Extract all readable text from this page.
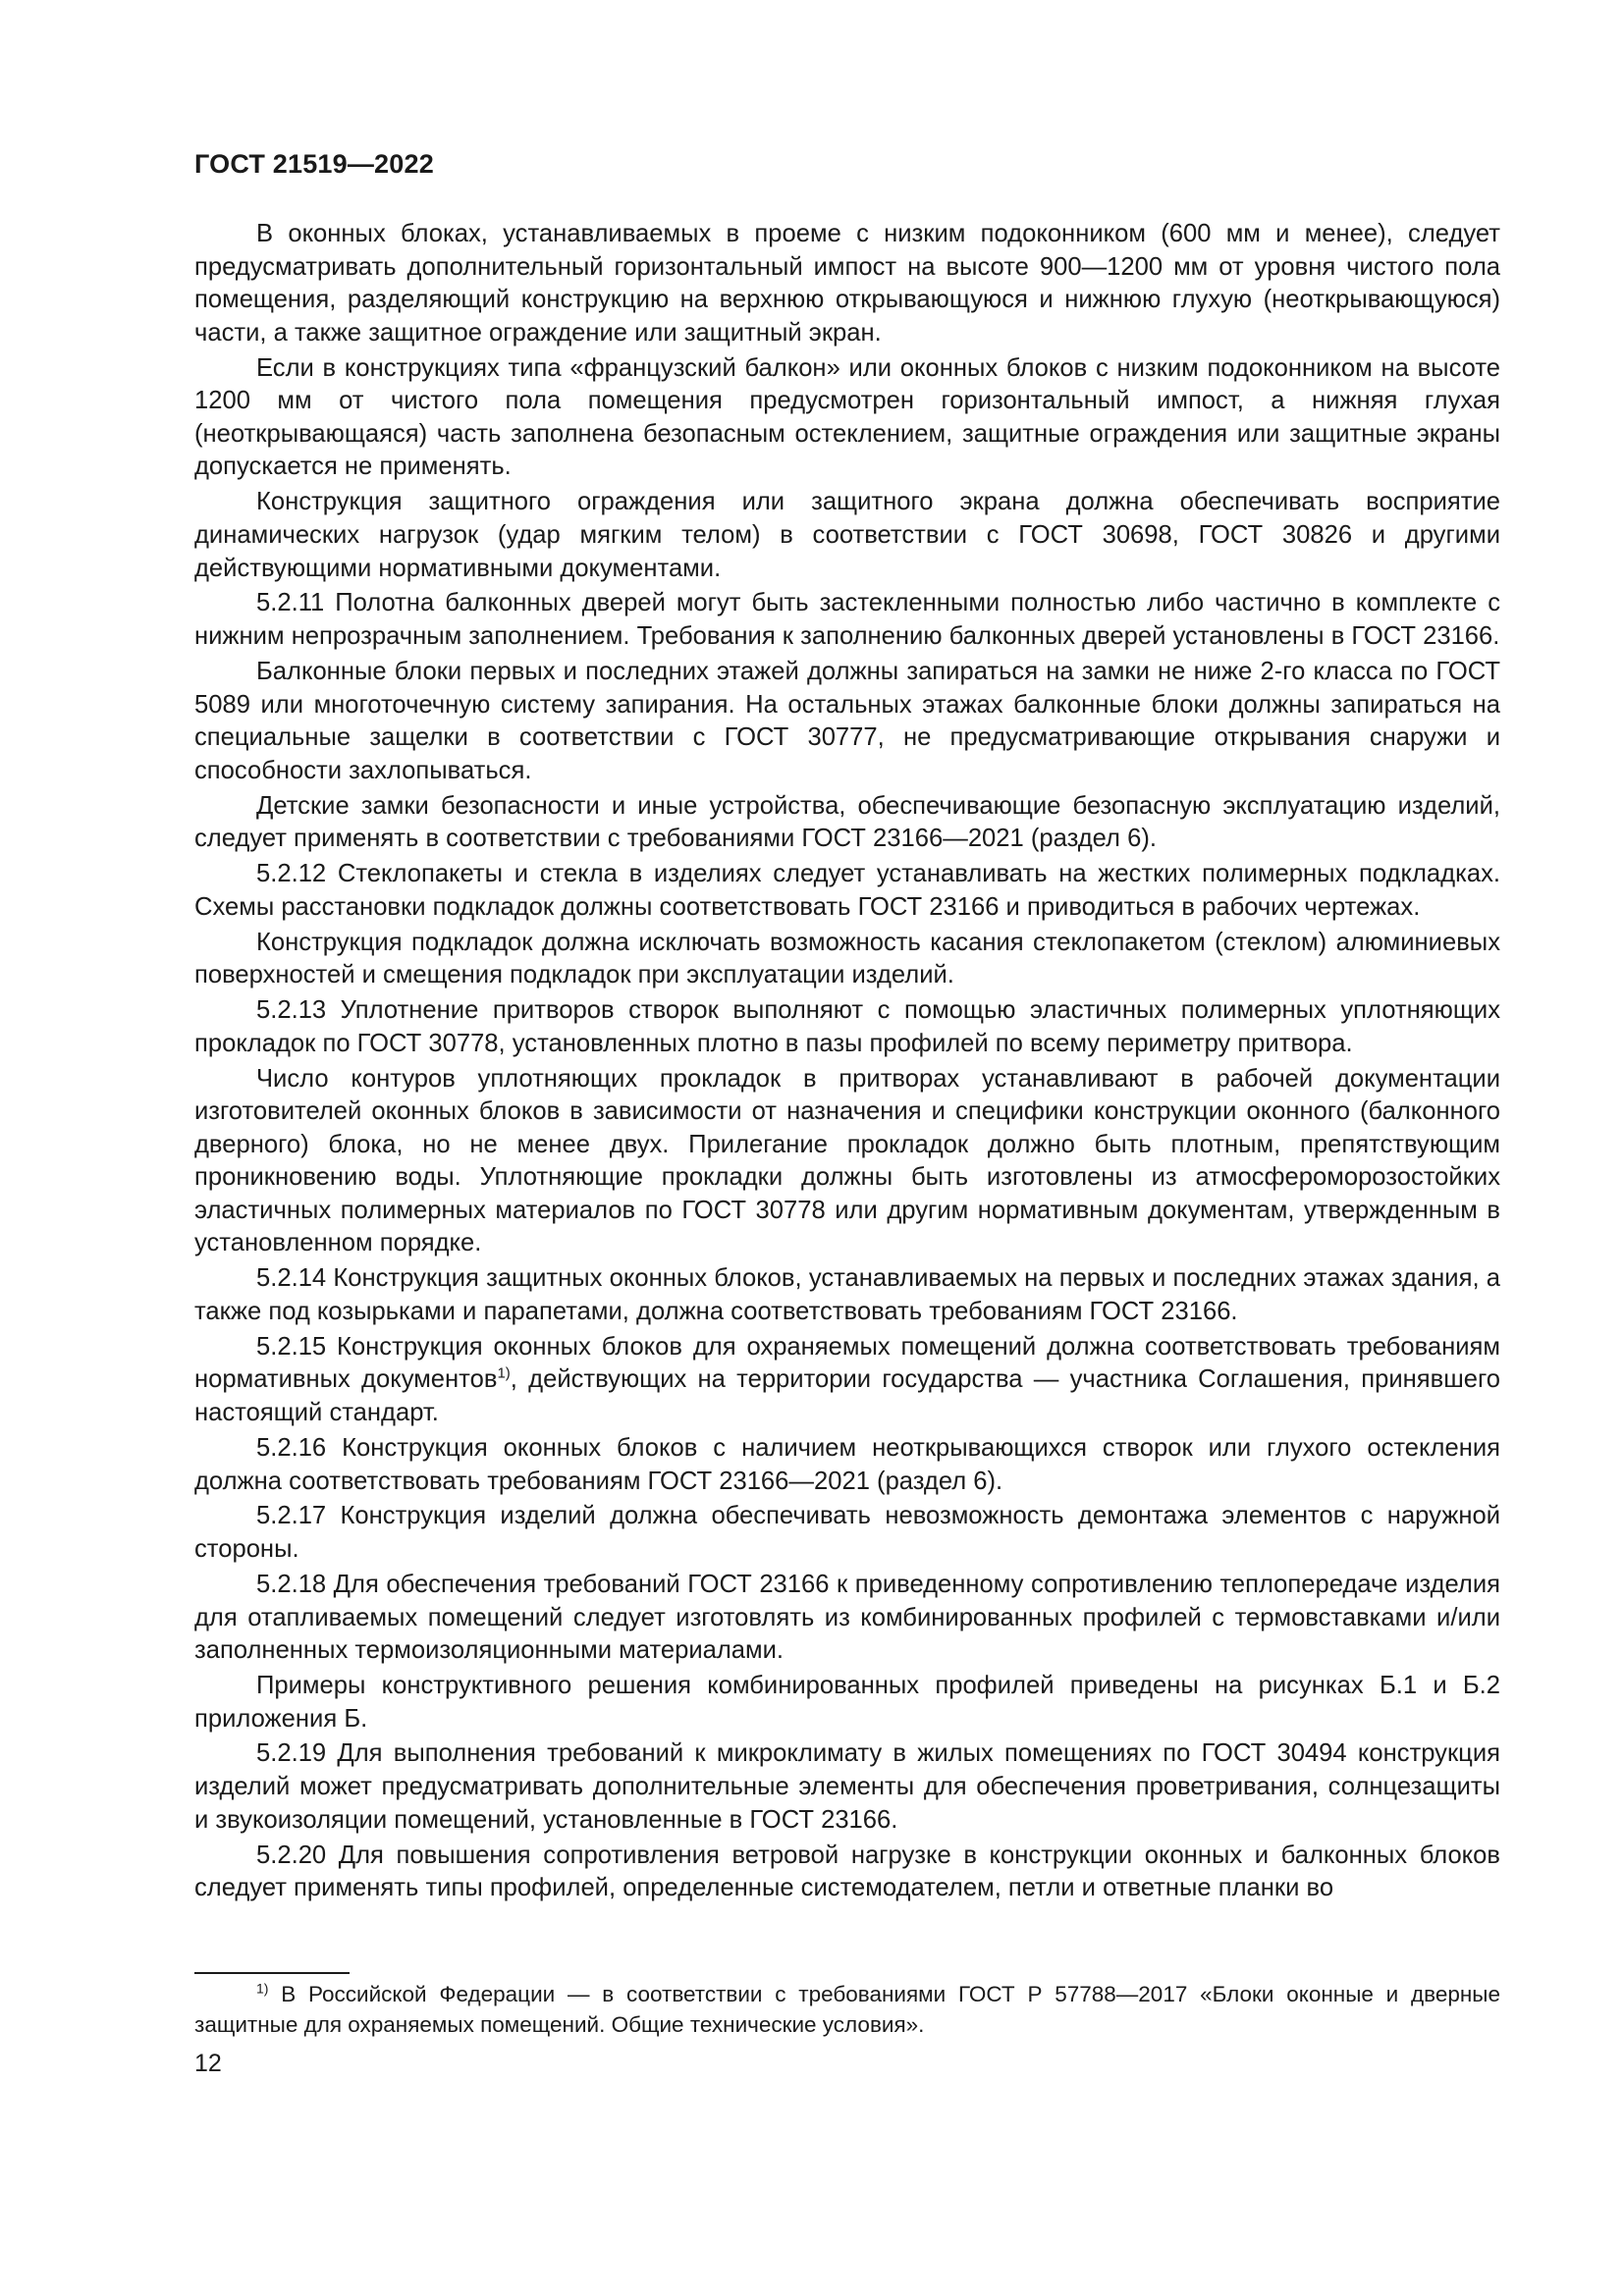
ГОСТ 21519—2022

В оконных блоках, устанавливаемых в проеме с низким подоконником (600 мм и менее), следует предусматривать дополнительный горизонтальный импост на высоте 900—1200 мм от уровня чистого пола помещения, разделяющий конструкцию на верхнюю открывающуюся и нижнюю глухую (неоткрывающуюся) части, а также защитное ограждение или защитный экран.

Если в конструкциях типа «французский балкон» или оконных блоков с низким подоконником на высоте 1200 мм от чистого пола помещения предусмотрен горизонтальный импост, а нижняя глухая (неоткрывающаяся) часть заполнена безопасным остеклением, защитные ограждения или защитные экраны допускается не применять.

Конструкция защитного ограждения или защитного экрана должна обеспечивать восприятие динамических нагрузок (удар мягким телом) в соответствии с ГОСТ 30698, ГОСТ 30826 и другими действующими нормативными документами.

5.2.11 Полотна балконных дверей могут быть застекленными полностью либо частично в комплекте с нижним непрозрачным заполнением. Требования к заполнению балконных дверей установлены в ГОСТ 23166.

Балконные блоки первых и последних этажей должны запираться на замки не ниже 2-го класса по ГОСТ 5089 или многоточечную систему запирания. На остальных этажах балконные блоки должны запираться на специальные защелки в соответствии с ГОСТ 30777, не предусматривающие открывания снаружи и способности захлопываться.

Детские замки безопасности и иные устройства, обеспечивающие безопасную эксплуатацию изделий, следует применять в соответствии с требованиями ГОСТ 23166—2021 (раздел 6).

5.2.12 Стеклопакеты и стекла в изделиях следует устанавливать на жестких полимерных подкладках. Схемы расстановки подкладок должны соответствовать ГОСТ 23166 и приводиться в рабочих чертежах.

Конструкция подкладок должна исключать возможность касания стеклопакетом (стеклом) алюминиевых поверхностей и смещения подкладок при эксплуатации изделий.

5.2.13 Уплотнение притворов створок выполняют с помощью эластичных полимерных уплотняющих прокладок по ГОСТ 30778, установленных плотно в пазы профилей по всему периметру притвора.

Число контуров уплотняющих прокладок в притворах устанавливают в рабочей документации изготовителей оконных блоков в зависимости от назначения и специфики конструкции оконного (балконного дверного) блока, но не менее двух. Прилегание прокладок должно быть плотным, препятствующим проникновению воды. Уплотняющие прокладки должны быть изготовлены из атмосфероморозостойких эластичных полимерных материалов по ГОСТ 30778 или другим нормативным документам, утвержденным в установленном порядке.

5.2.14 Конструкция защитных оконных блоков, устанавливаемых на первых и последних этажах здания, а также под козырьками и парапетами, должна соответствовать требованиям ГОСТ 23166.

5.2.15 Конструкция оконных блоков для охраняемых помещений должна соответствовать требованиям нормативных документов$^{1)}$, действующих на территории государства — участника Соглашения, принявшего настоящий стандарт.

5.2.16 Конструкция оконных блоков с наличием неоткрывающихся створок или глухого остекления должна соответствовать требованиям ГОСТ 23166—2021 (раздел 6).

5.2.17 Конструкция изделий должна обеспечивать невозможность демонтажа элементов с наружной стороны.

5.2.18 Для обеспечения требований ГОСТ 23166 к приведенному сопротивлению теплопередаче изделия для отапливаемых помещений следует изготовлять из комбинированных профилей с термовставками и/или заполненных термоизоляционными материалами.

Примеры конструктивного решения комбинированных профилей приведены на рисунках Б.1 и Б.2 приложения Б.

5.2.19 Для выполнения требований к микроклимату в жилых помещениях по ГОСТ 30494 конструкция изделий может предусматривать дополнительные элементы для обеспечения проветривания, солнцезащиты и звукоизоляции помещений, установленные в ГОСТ 23166.

5.2.20 Для повышения сопротивления ветровой нагрузке в конструкции оконных и балконных блоков следует применять типы профилей, определенные системодателем, петли и ответные планки во

$^{1)}$ В Российской Федерации — в соответствии с требованиями ГОСТ Р 57788—2017 «Блоки оконные и дверные защитные для охраняемых помещений. Общие технические условия».

12
